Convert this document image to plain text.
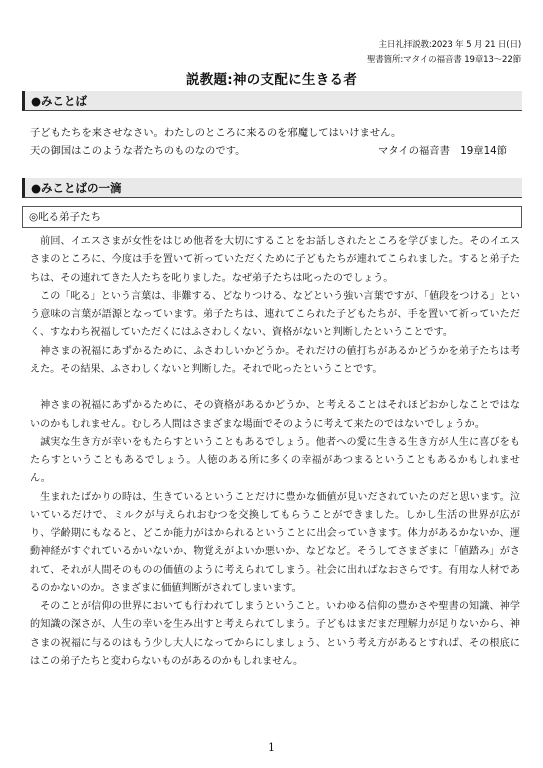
主日礼拝説教:2023 年 5 月 21 日(日)
聖書箇所:マタイの福音書 19章13〜22節
説教題:神の支配に生きる者
●みことば
子どもたちを来させなさい。わたしのところに来るのを邪魔してはいけません。
天の御国はこのような者たちのものなのです。	マタイの福音書　19章14節
●みことばの一滴
◎叱る弟子たち

前回、イエスさまが女性をはじめ他者を大切にすることをお話しされたところを学びました。そのイエスさまのところに、今度は手を置いて祈っていただくために子どもたちが連れてこられました。すると弟子たちは、その連れてきた人たちを叱りました。なぜ弟子たちは叱ったのでしょう。

この「叱る」という言葉は、非難する、どなりつける、などという強い言葉ですが、「値段をつける」という意味の言葉が語源となっています。弟子たちは、連れてこられた子どもたちが、手を置いて祈っていただく、すなわち祝福していただくにはふさわしくない、資格がないと判断したということです。

神さまの祝福にあずかるために、ふさわしいかどうか。それだけの値打ちがあるかどうかを弟子たちは考えた。その結果、ふさわしくないと判断した。それで叱ったということです。

神さまの祝福にあずかるために、その資格があるかどうか、と考えることはそれほどおかしなことではないのかもしれません。むしろ人間はさまざまな場面でそのように考えて来たのではないでしょうか。

誠実な生き方が幸いをもたらすということもあるでしょう。他者への愛に生きる生き方が人生に喜びをもたらすということもあるでしょう。人徳のある所に多くの幸福があつまるということもあるかもしれません。

生まれたばかりの時は、生きているということだけに豊かな価値が見いだされていたのだと思います。泣いているだけで、ミルクが与えられおむつを交換してもらうことができました。しかし生活の世界が広がり、学齢期にもなると、どこか能力がはかられるということに出会っていきます。体力があるかないか、運動神経がすぐれているかいないか、物覚えがよいか悪いか、などなど。そうしてさまざまに「値踏み」がされて、それが人間そのものの価値のように考えられてしまう。社会に出ればなおさらです。有用な人材であるのかないのか。さまざまに価値判断がされてしまいます。

そのことが信仰の世界においても行われてしまうということ。いわゆる信仰の豊かさや聖書の知識、神学的知識の深さが、人生の幸いを生み出すと考えられてしまう。子どもはまだまだ理解力が足りないから、神さまの祝福に与るのはもう少し大人になってからにしましょう、という考え方があるとすれば、その根底にはこの弟子たちと変わらないものがあるのかもしれません。

1
